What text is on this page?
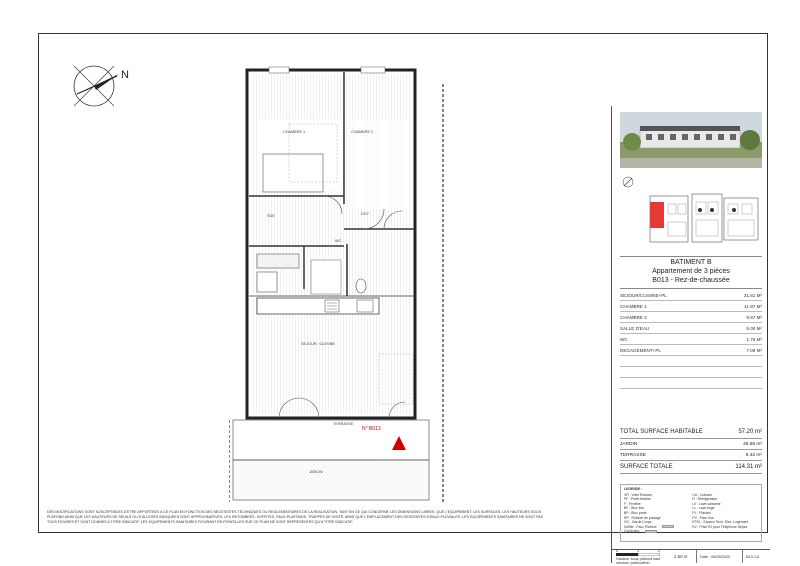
N
CHAMBRE 1	CHAMBRE 2
SDE	DGT
WC
SEJOUR / CUISINE
TERRASSE
JARDIN
N° B013
DES MODIFICATIONS SONT SUSCEPTIBLES D'ETRE APPORTEES A CE PLAN EN FONCTION DES NECESSITES TECHNIQUES OU REGLEMENTAIRES DE LA REALISATION, TANT EN CE QUI CONCERNE LES DIMENSIONS LIBRES, QUE L'EQUIPEMENT, LES SURFACES. LES HAUTEURS SOUS PLAFOND AINSI QUE LES HAUTEURS DE SEUILS OU D'ALLEGES INDIQUEES SONT APPROXIMATIVES. LES RETOMBEES, SOFFITES, FAUX-PLAFONDS, TRAPPES DE VISITE, AINSI QUE L'EMPLACEMENT DES DESCENTES D'EAUX PLUVIALES, LES EQUIPEMENTS SANITAIRES NE SONT PAS TOUS FIGURES ET SONT DONNES A TITRE INDICATIF. LES EQUIPEMENTS SANITAIRES FIGURANT EN POINTILLES SUR CE PLAN NE SONT REPRESENTES QU'A TITRE INDICATIF.
BATIMENT B
Appartement de 3 pièces
B013 - Rez-de-chaussée
SEJOUR/CUISINE+PL	21.81 M²
CHAMBRE 1	11.87 M²
CHAMBRE 2	9.67 M²
SALLE D'EAU	5.00 M²
WC	1.76 M²
DEGAGEMENT+PL	7.09 M²
TOTAL SURFACE HABITABLE	57.20 m²
JARDIN	48.69 m²
TERRASSE	8.42 m²
SURFACE TOTALE	114.31 m²
LEGENDE :
VR : Volet Roulant
PF : Porte fenêtre
F : Fenêtre
BF : Bloc fixe
BP : Bloc porte
RP : Robinet de puisage
GC : Garde Corps
Soffite : Faux Plafond
Corniches
CU : Cuisson
R : Réfrigérateur
LV : Lave-vaisselle
LL : Lave-linge
PL : Placard
PV : Pare Vue
ETEL : Espace Tech. Elec. Logement
RJ : Prise RJ pour Téléphone Séjour
0	1	2
Hauteur sous plafond sauf mention particulière :
2.50 m	Date : 06/05/2020	B13-1.6
